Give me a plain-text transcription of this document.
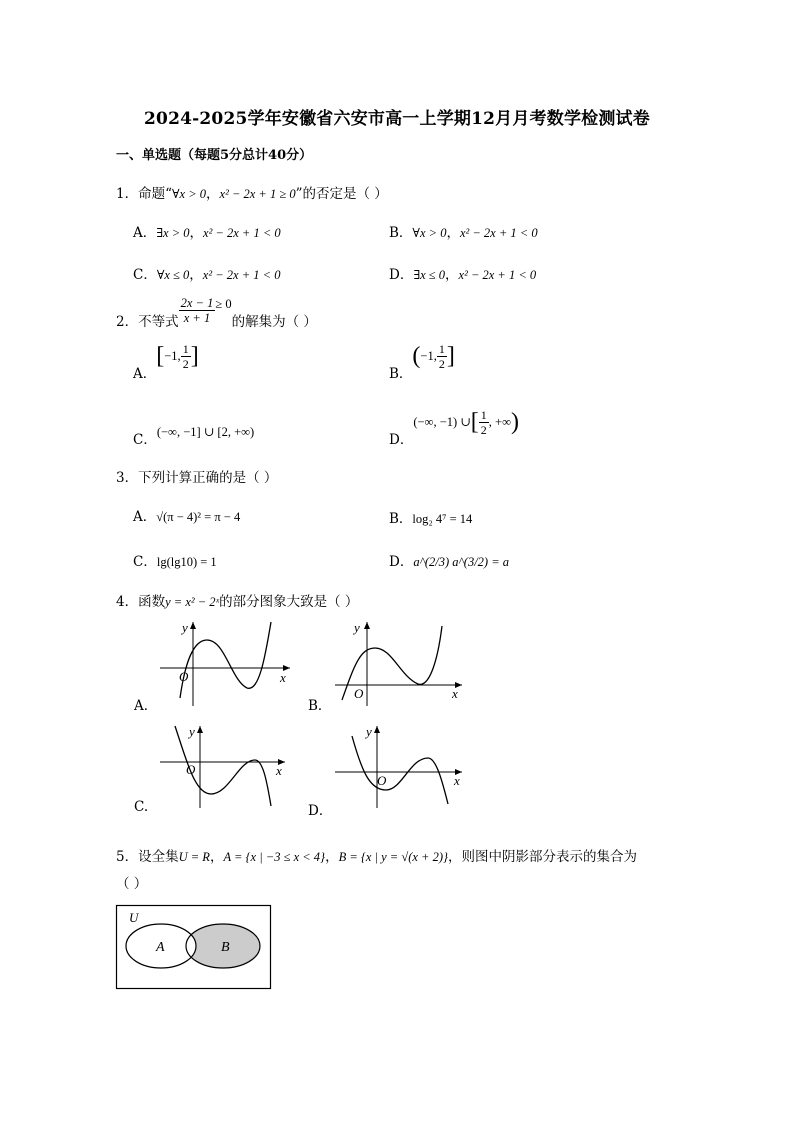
2024-2025学年安徽省六安市高一上学期12月月考数学检测试卷
一、单选题（每题5分总计40分）
1．命题“∀x > 0，x² − 2x + 1 ≥ 0”的否定是（ ）
A．∃x > 0，x² − 2x + 1 < 0	B．∀x > 0，x² − 2x + 1 < 0
C．∀x ≤ 0，x² − 2x + 1 < 0	D．∃x ≤ 0，x² − 2x + 1 < 0
2．不等式 $\frac{2x - 1}{x + 1} \ge 0$的解集为（ ）
A．[−1, $\frac{1}{2}$ ]
B．(−1, $\frac{1}{2}$ ]
C．(−∞, −1] ∪ [2, +∞)	D．(−∞, −1) ∪[ $\frac{1}{2}$ , +∞)
3．下列计算正确的是（ ）
A．√(π − 4)² = π − 4	B．log₂ 4⁷ = 14
C．lg(lg10) = 1	D．a^(2/3) a^(3/2) = a
4．函数y = x² − 2ˣ的部分图象大致是（ ）
y
x
O
A．
y
x
O
B．
y
x
O
C.
y
x
O
D．
5．设全集U = R，A = {x | −3 ≤ x < 4}，B = {x | y = √(x + 2)}，则图中阴影部分表示的集合为
（ ）
U
A	B
